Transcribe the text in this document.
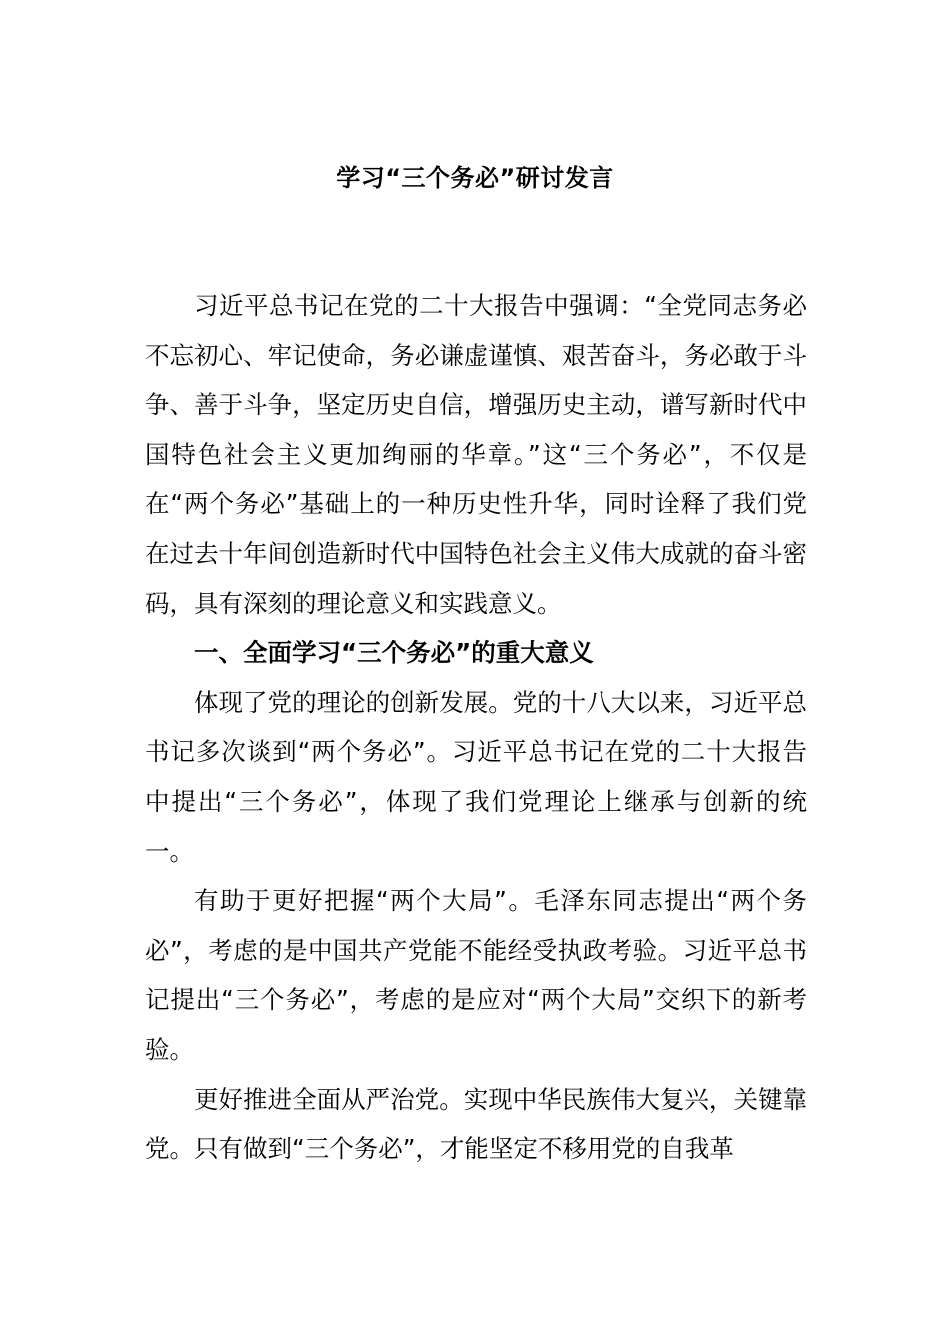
学习“三个务必”研讨发言

习近平总书记在党的二十大报告中强调：“全党同志务必不忘初心、牢记使命，务必谦虚谨慎、艰苦奋斗，务必敢于斗争、善于斗争，坚定历史自信，增强历史主动，谱写新时代中国特色社会主义更加绚丽的华章。”这“三个务必”，不仅是在“两个务必”基础上的一种历史性升华，同时诠释了我们党在过去十年间创造新时代中国特色社会主义伟大成就的奋斗密码，具有深刻的理论意义和实践意义。

一、全面学习“三个务必”的重大意义

体现了党的理论的创新发展。党的十八大以来，习近平总书记多次谈到“两个务必”。习近平总书记在党的二十大报告中提出“三个务必”，体现了我们党理论上继承与创新的统一。

有助于更好把握“两个大局”。毛泽东同志提出“两个务必”，考虑的是中国共产党能不能经受执政考验。习近平总书记提出“三个务必”，考虑的是应对“两个大局”交织下的新考验。

更好推进全面从严治党。实现中华民族伟大复兴，关键靠党。只有做到“三个务必”，才能坚定不移用党的自我革
